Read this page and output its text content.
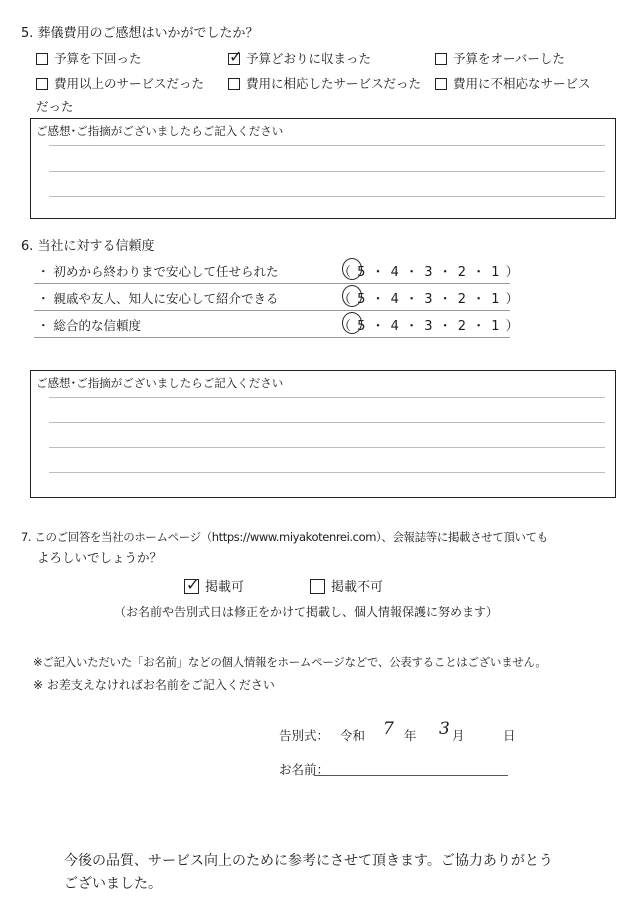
5. 葬儀費用のご感想はいかがでしたか？
予算を下回った	✓ 予算どおりに収まった	予算をオーバーした
費用以上のサービスだった	費用に相応したサービスだった	費用に不相応なサービス
だった
ご感想･ご指摘がございましたらご記入ください
6. 当社に対する信頼度
・ 初めから終わりまで安心して任せられた	（ 5 ・ 4 ・ 3 ・ 2 ・ 1 ）
・ 親戚や友人、知人に安心して紹介できる	（ 5 ・ 4 ・ 3 ・ 2 ・ 1 ）
・ 総合的な信頼度	（ 5 ・ 4 ・ 3 ・ 2 ・ 1 ）
ご感想･ご指摘がございましたらご記入ください
7. このご回答を当社のホームページ（https://www.miyakotenrei.com）、会報誌等に掲載させて頂いても
よろしいでしょうか？
✓ 掲載可	掲載不可
（お名前や告別式日は修正をかけて掲載し、個人情報保護に努めます）
※ご記入いただいた「お名前」などの個人情報をホームページなどで、公表することはございません。
※ お差支えなければお名前をご記入ください
告別式： 令和 7 年 3 月	日
お名前：
今後の品質、サービス向上のために参考にさせて頂きます。ご協力ありがとう
ございました。
